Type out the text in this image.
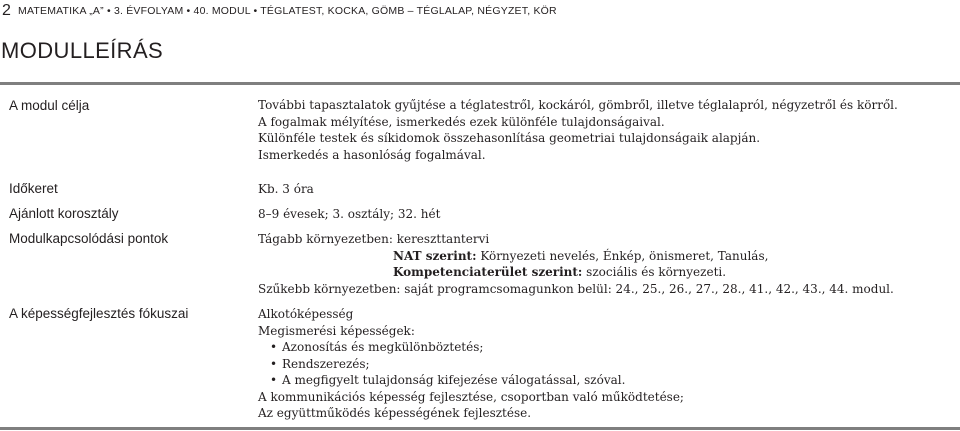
2 MATEMATIKA „A” • 3. ÉVFOLYAM • 40. MODUL • TÉGLATEST, KOCKA, GÖMB – TÉGLALAP, NÉGYZET, KÖR
MODULLEÍRÁS
A modul célja	További tapasztalatok gyűjtése a téglatestről, kockáról, gömbről, illetve téglalapról, négyzetről és körről.
A fogalmak mélyítése, ismerkedés ezek különféle tulajdonságaival.
Különféle testek és síkidomok összehasonlítása geometriai tulajdonságaik alapján.
Ismerkedés a hasonlóság fogalmával.
Időkeret	Kb. 3 óra
Ajánlott korosztály	8–9 évesek; 3. osztály; 32. hét
Modulkapcsolódási pontok	Tágabb környezetben: kereszttantervi
NAT szerint: Környezeti nevelés, Énkép, önismeret, Tanulás,
Kompetenciaterület szerint: szociális és környezeti.
Szűkebb környezetben: saját programcsomagunkon belül: 24., 25., 26., 27., 28., 41., 42., 43., 44. modul.
A képességfejlesztés fókuszai	Alkotóképesség
Megismerési képességek:
• Azonosítás és megkülönböztetés;
• Rendszerezés;
• A megfigyelt tulajdonság kifejezése válogatással, szóval.
A kommunikációs képesség fejlesztése, csoportban való működtetése;
Az együttműködés képességének fejlesztése.
